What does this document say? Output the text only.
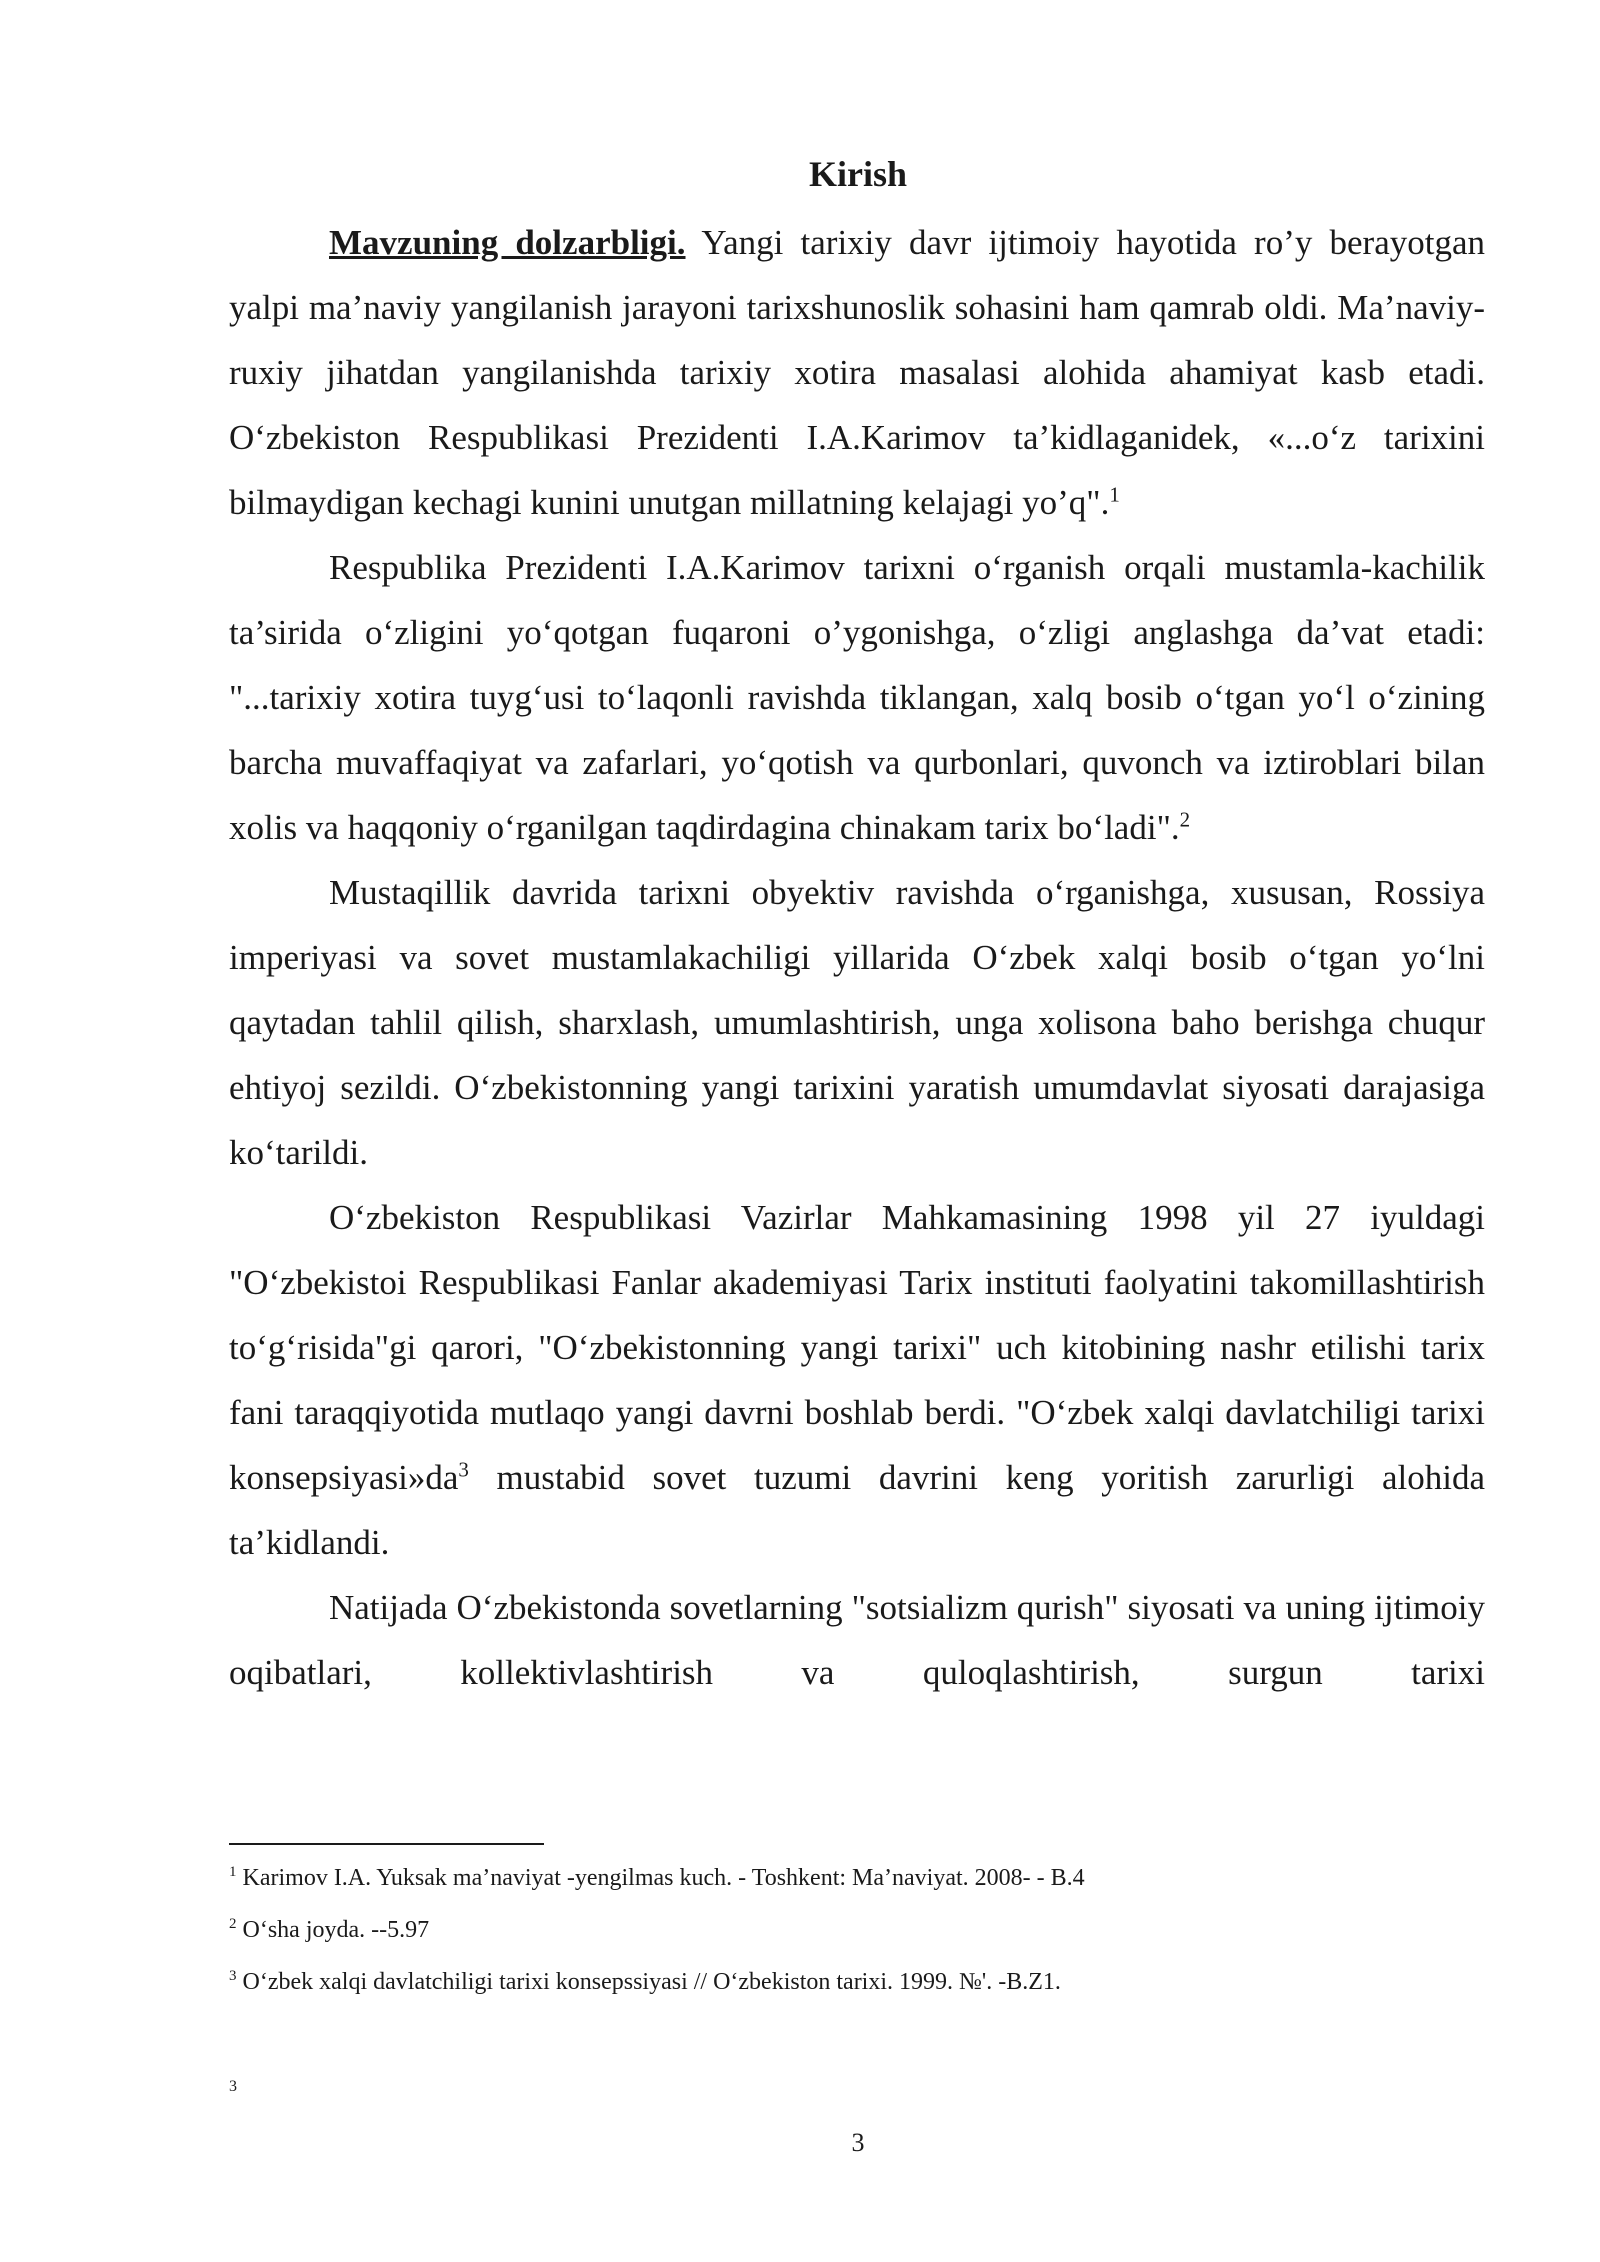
Kirish

Mavzuning dolzarbligi. Yangi tarixiy davr ijtimoiy hayotida ro’y berayotgan yalpi ma’naviy yangilanish jarayoni tarixshunoslik sohasini ham qamrab oldi. Ma’naviy-ruxiy jihatdan yangilanishda tarixiy xotira masalasi alohida ahamiyat kasb etadi. O‘zbekiston Respublikasi Prezidenti I.A.Karimov ta’kidlaganidek, «...o‘z tarixini bilmaydigan kechagi kunini unutgan millatning kelajagi yo’q".$^1$

Respublika Prezidenti I.A.Karimov tarixni o‘rganish orqali mustamla-kachilik ta’sirida o‘zligini yo‘qotgan fuqaroni o’ygonishga, o‘zligi anglashga da’vat etadi: "...tarixiy xotira tuyg‘usi to‘laqonli ravishda tiklangan, xalq bosib o‘tgan yo‘l o‘zining barcha muvaffaqiyat va zafarlari, yo‘qotish va qurbonlari, quvonch va iztiroblari bilan xolis va haqqoniy o‘rganilgan taqdirdagina chinakam tarix bo‘ladi".$^2$

Mustaqillik davrida tarixni obyektiv ravishda o‘rganishga, xususan, Rossiya imperiyasi va sovet mustamlakachiligi yillarida O‘zbek xalqi bosib o‘tgan yo‘lni qaytadan tahlil qilish, sharxlash, umumlashtirish, unga xolisona baho berishga chuqur ehtiyoj sezildi. O‘zbekistonning yangi tarixini yaratish umumdavlat siyosati darajasiga ko‘tarildi.

O‘zbekiston Respublikasi Vazirlar Mahkamasining 1998 yil 27 iyuldagi "O‘zbekistoi Respublikasi Fanlar akademiyasi Tarix instituti faolyatini takomillashtirish to‘g‘risida"gi qarori, "O‘zbekistonning yangi tarixi" uch kitobining nashr etilishi tarix fani taraqqiyotida mutlaqo yangi davrni boshlab berdi. "O‘zbek xalqi davlatchiligi tarixi $konsepsiyasi»da^3$ mustabid sovet tuzumi davrini keng yoritish zarurligi alohida ta’kidlandi.

Natijada O‘zbekistonda sovetlarning "sotsializm qurish" siyosati va uning ijtimoiy oqibatlari, kollektivlashtirish va quloqlashtirish, surgun tarixi

$^1$ Karimov I.A. Yuksak ma’naviyat -yengilmas kuch. - Toshkent: Ma’naviyat. 2008- - B.4

$^2$ O‘sha joyda. --5.97

$^3$ O‘zbek xalqi davlatchiligi tarixi konsepssiyasi // O‘zbekiston tarixi. 1999. №'. -B.Z1.

3
3
